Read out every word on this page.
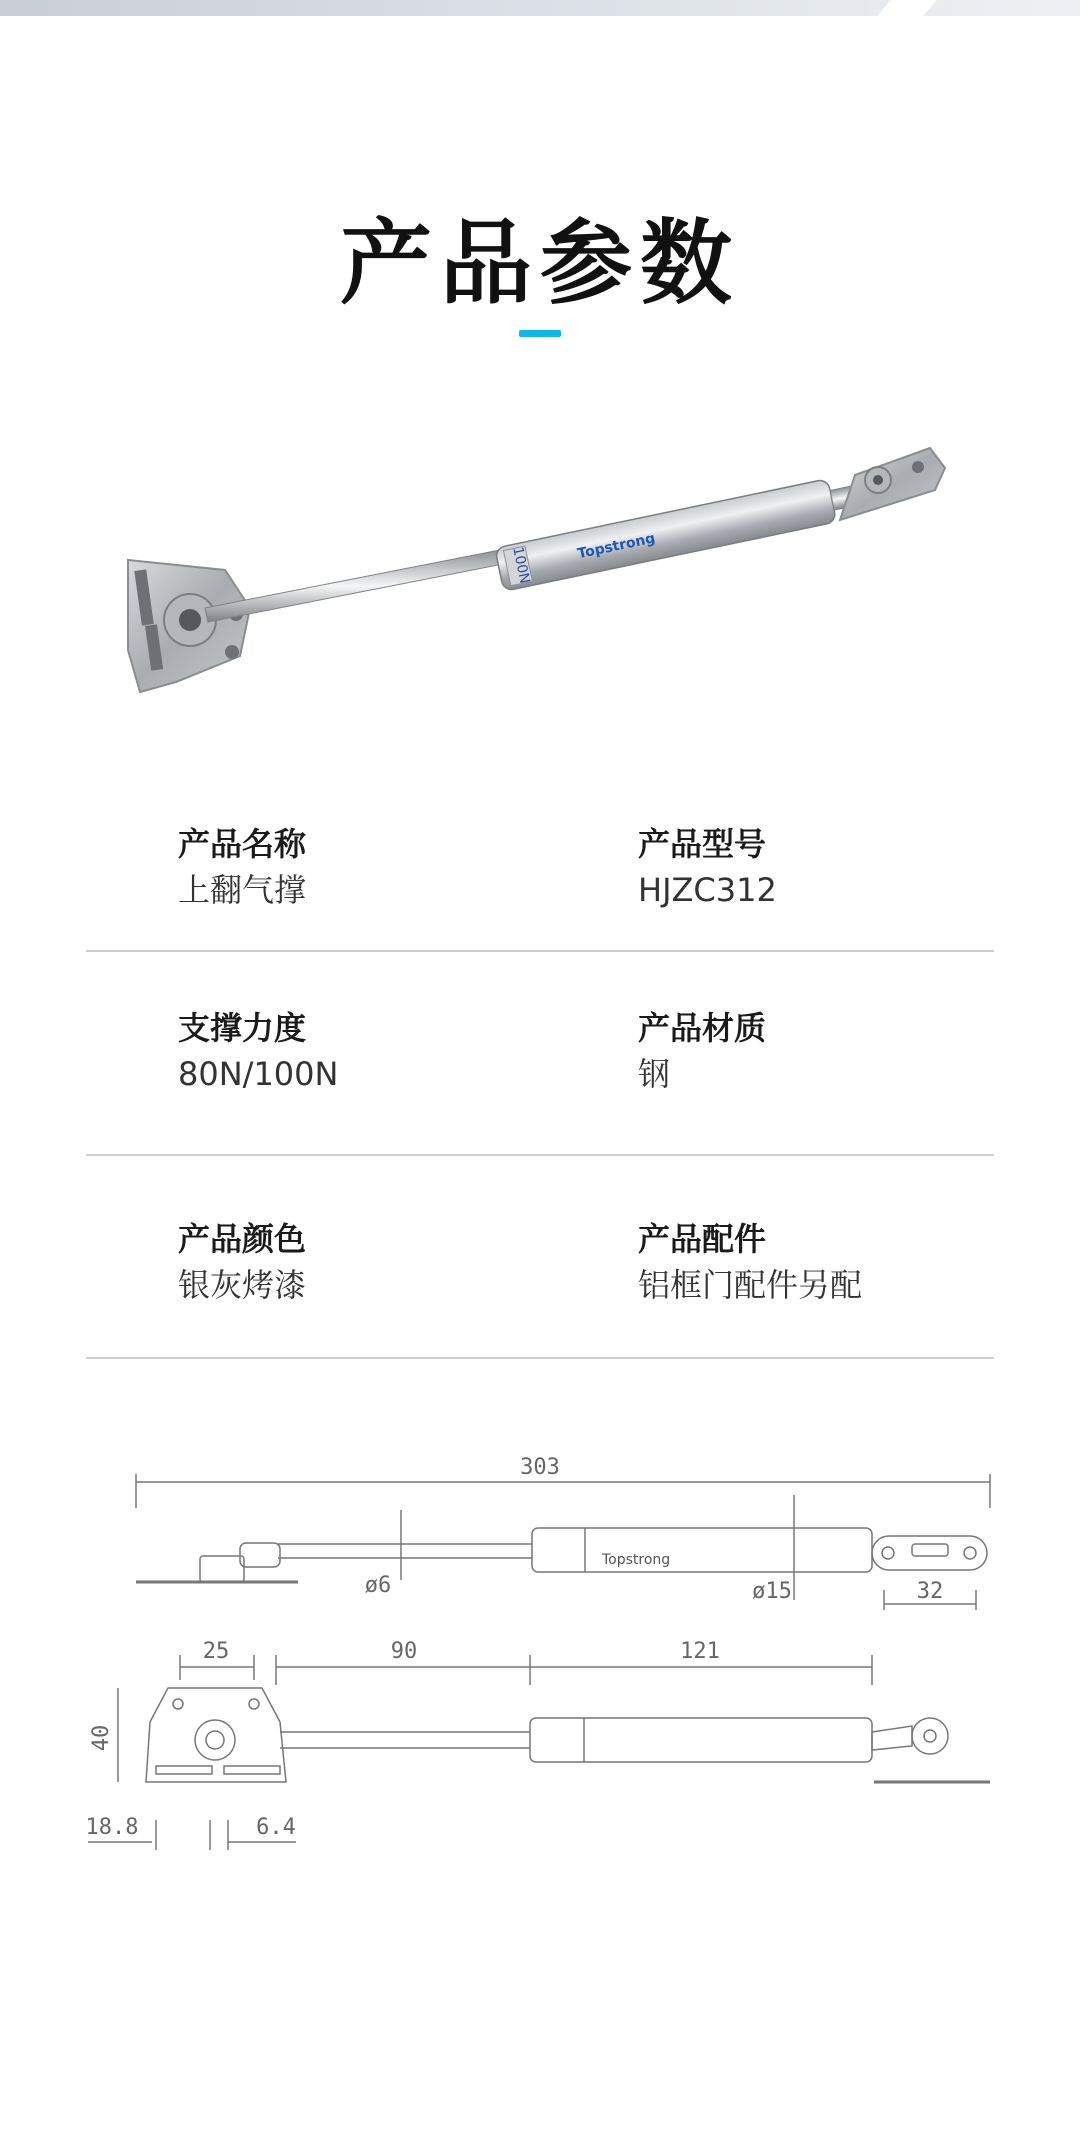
产品参数
100N	Topstrong
产品名称
上翻气撑
产品型号
HJZC312
支撑力度
80N/100N
产品材质
钢
产品颜色
银灰烤漆
产品配件
铝框门配件另配
Topstrong
303
ø6	ø15	32
25	90	121
40
18.8	6.4
